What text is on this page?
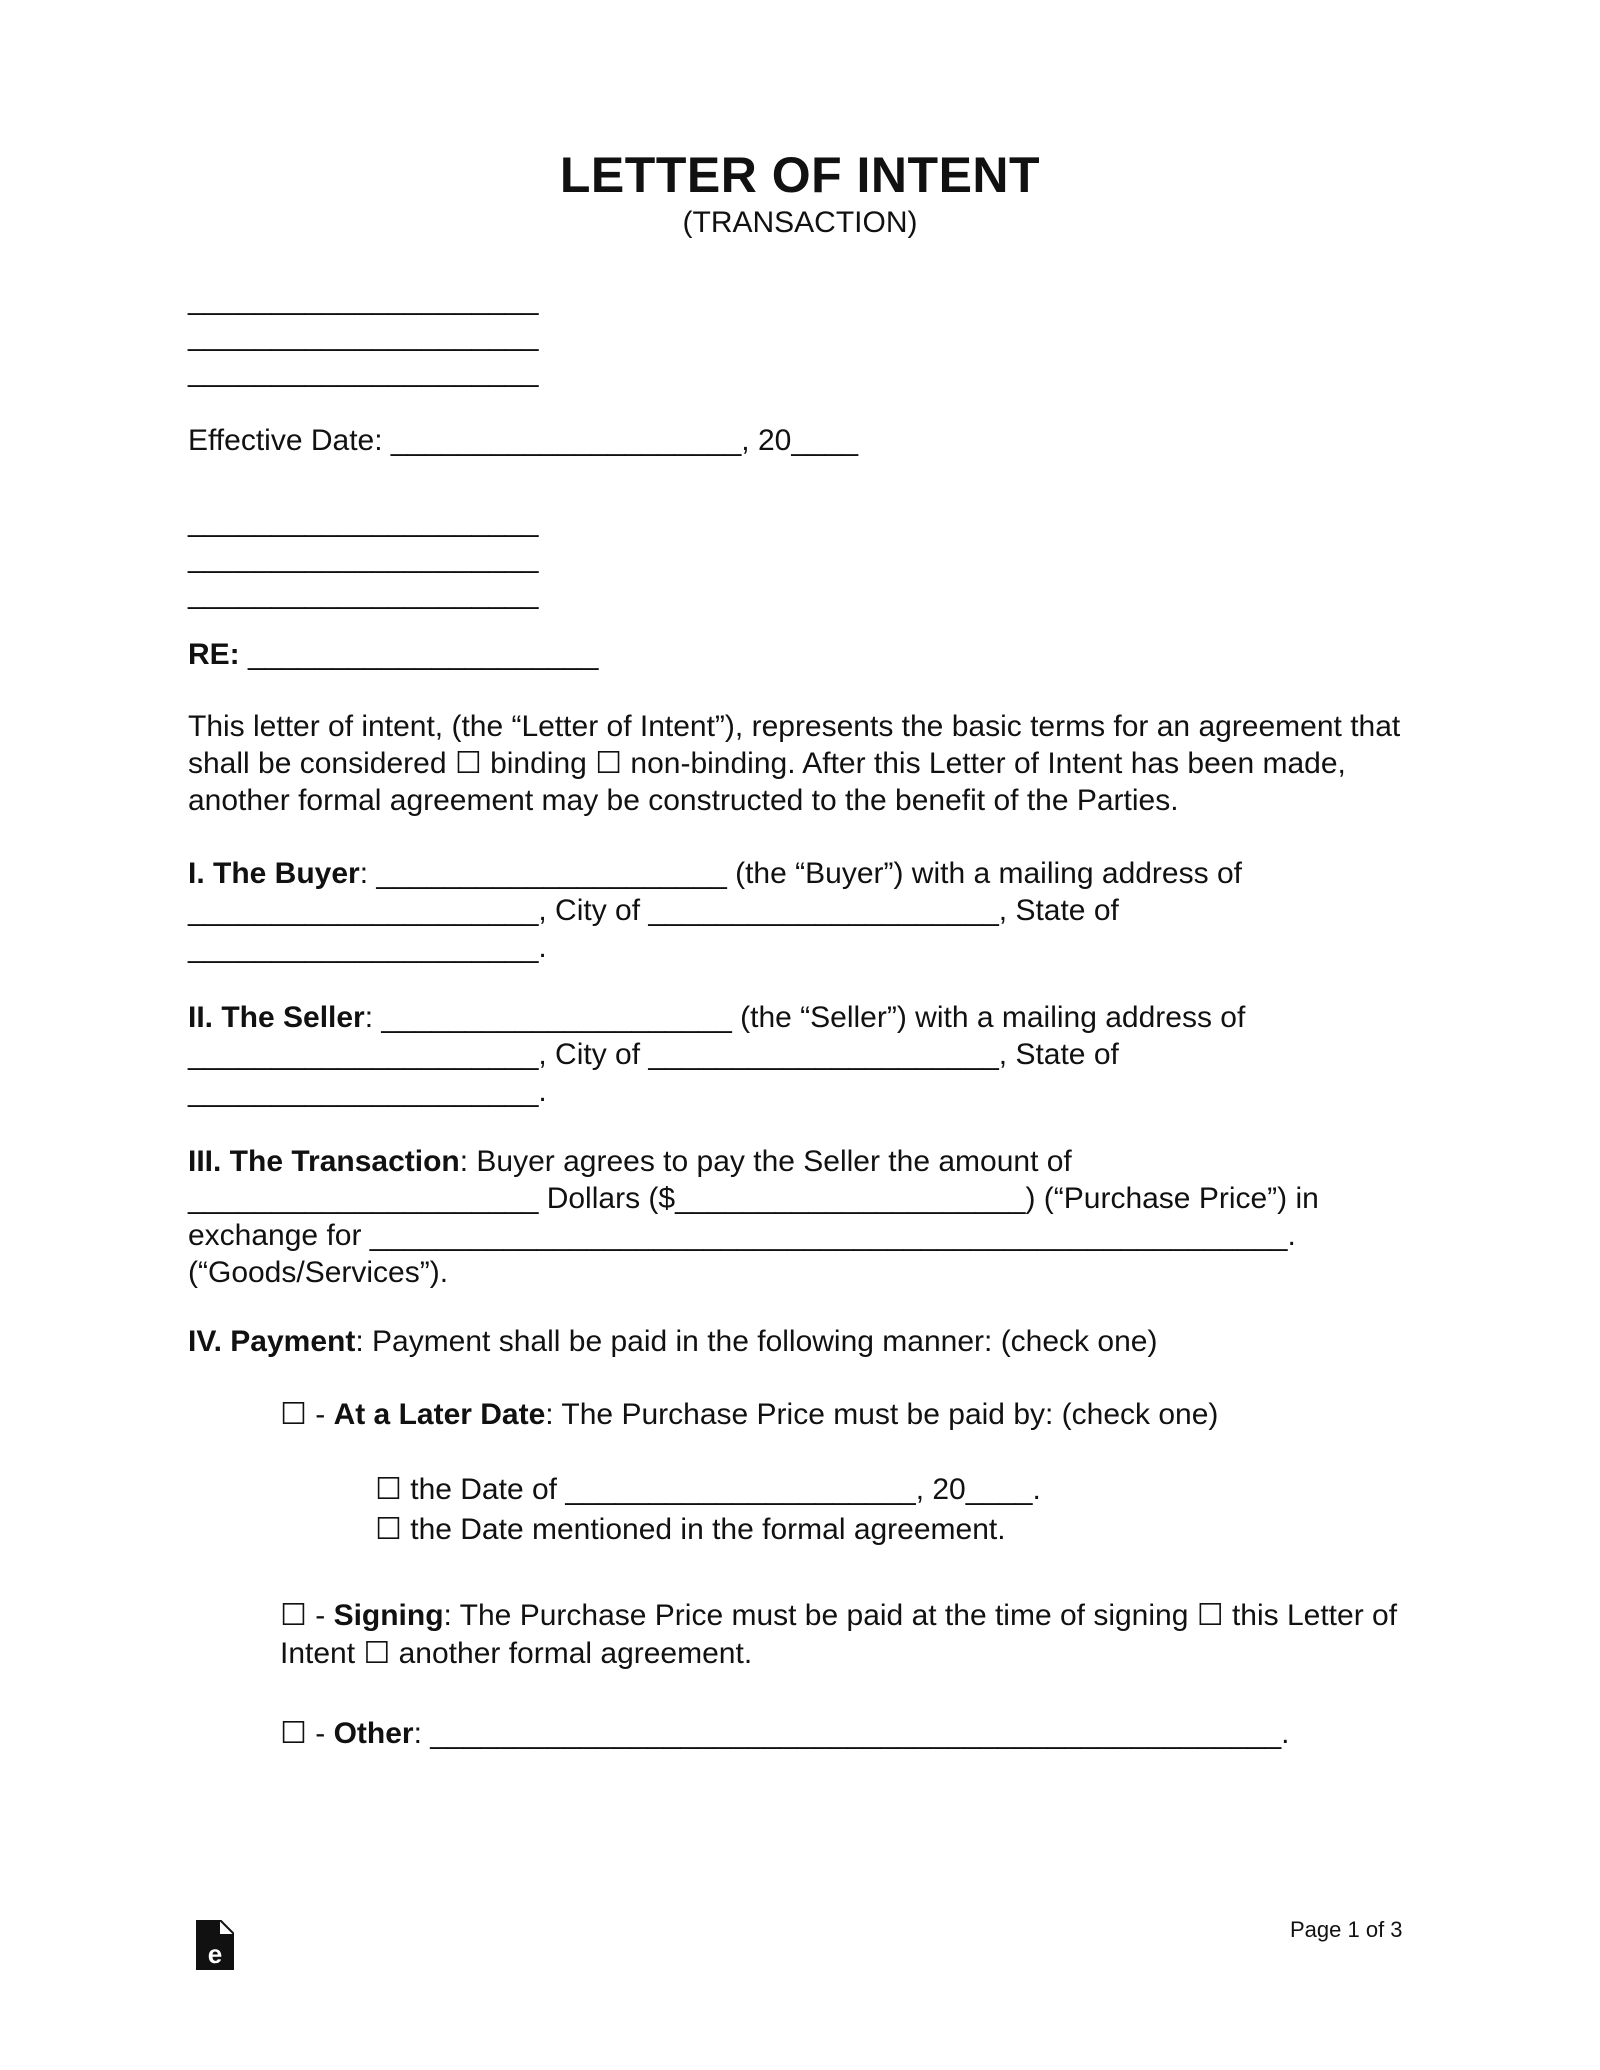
LETTER OF INTENT
(TRANSACTION)
_____________________
_____________________
_____________________
Effective Date: _____________________, 20____
_____________________
_____________________
_____________________
RE: _____________________
This letter of intent, (the “Letter of Intent”), represents the basic terms for an agreement that shall be considered ☐ binding ☐ non-binding. After this Letter of Intent has been made, another formal agreement may be constructed to the benefit of the Parties.
I. The Buyer: _____________________ (the “Buyer”) with a mailing address of _____________________, City of _____________________, State of _____________________.
II. The Seller: _____________________ (the “Seller”) with a mailing address of _____________________, City of _____________________, State of _____________________.
III. The Transaction: Buyer agrees to pay the Seller the amount of _____________________ Dollars ($_____________________) (“Purchase Price”) in exchange for _______________________________________________________. (“Goods/Services”).
IV. Payment: Payment shall be paid in the following manner: (check one)
☐ - At a Later Date: The Purchase Price must be paid by: (check one)
☐ the Date of _____________________, 20____.
☐ the Date mentioned in the formal agreement.
☐ - Signing: The Purchase Price must be paid at the time of signing ☐ this Letter of Intent ☐ another formal agreement.
☐ - Other: ___________________________________________________.
e
Page 1 of 3
